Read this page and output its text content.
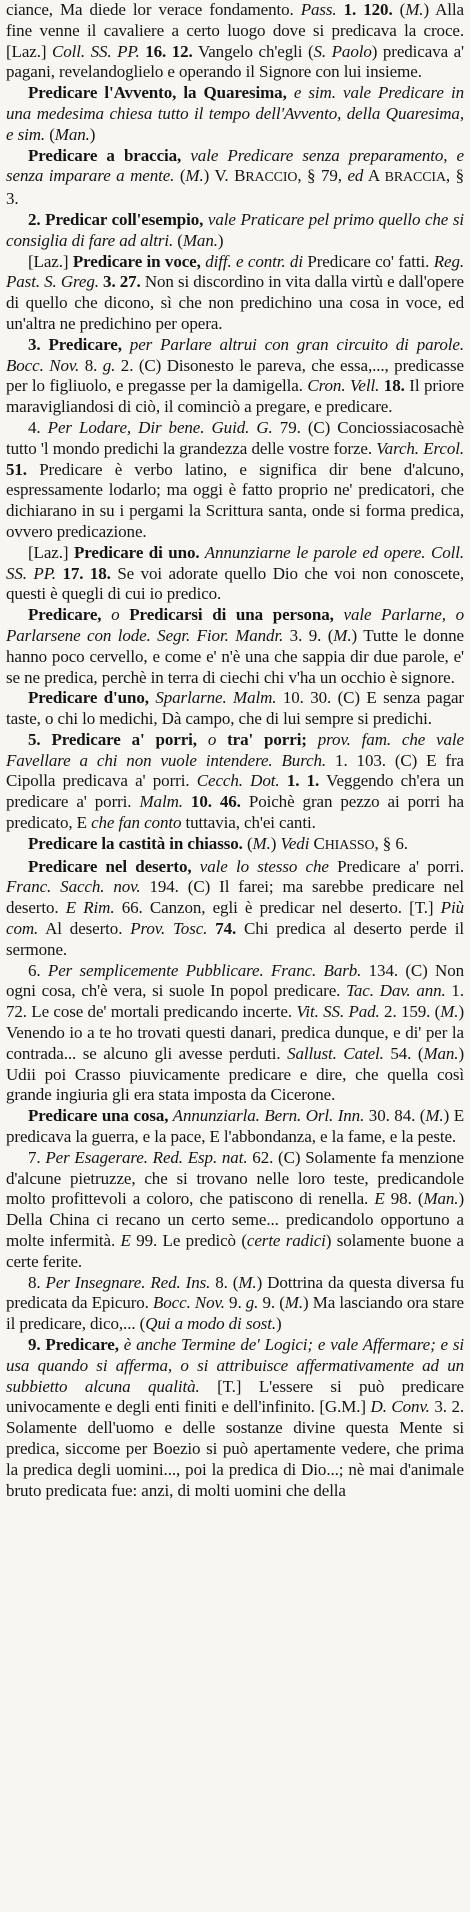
ciance, Ma diede lor verace fondamento. Pass. 1. 120. (M.) Alla fine venne il cavaliere a certo luogo dove si predicava la croce. [Laz.] Coll. SS. PP. 16. 12. Vangelo ch'egli (S. Paolo) predicava a' pagani, revelandoglielo e operando il Signore con lui insieme.

Predicare l'Avvento, la Quaresima, e sim. vale Predicare in una medesima chiesa tutto il tempo dell'Avvento, della Quaresima, e sim. (Man.)

Predicare a braccia, vale Predicare senza preparamento, e senza imparare a mente. (M.) V. BRACCIO, § 79, ed A BRACCIA, § 3.

2. Predicar coll'esempio, vale Praticare pel primo quello che si consiglia di fare ad altri. (Man.)

[Laz.] Predicare in voce, diff. e contr. di Predicare co' fatti. Reg. Past. S. Greg. 3. 27. Non si discordino in vita dalla virtù e dall'opere di quello che dicono, sì che non predichino una cosa in voce, ed un'altra ne predichino per opera.

3. Predicare, per Parlare altrui con gran circuito di parole. Bocc. Nov. 8. g. 2. (C) Disonesto le pareva, che essa,..., predicasse per lo figliuolo, e pregasse per la damigella. Cron. Vell. 18. Il priore maravigliandosi di ciò, il cominciò a pregare, e predicare.

4. Per Lodare, Dir bene. Guid. G. 79. (C) Conciossiacosachè tutto 'l mondo predichi la grandezza delle vostre forze. Varch. Ercol. 51. Predicare è verbo latino, e significa dir bene d'alcuno, espressamente lodarlo; ma oggi è fatto proprio ne' predicatori, che dichiarano in su i pergami la Scrittura santa, onde si forma predica, ovvero predicazione.

[Laz.] Predicare di uno. Annunziarne le parole ed opere. Coll. SS. PP. 17. 18. Se voi adorate quello Dio che voi non conoscete, questi è quegli di cui io predico.

Predicare, o Predicarsi di una persona, vale Parlarne, o Parlarsene con lode. Segr. Fior. Mandr. 3. 9. (M.) Tutte le donne hanno poco cervello, e come e' n'è una che sappia dir due parole, e' se ne predica, perchè in terra di ciechi chi v'ha un occhio è signore.

Predicare d'uno, Sparlarne. Malm. 10. 30. (C) E senza pagar taste, o chi lo medichi, Dà campo, che di lui sempre si predichi.

5. Predicare a' porri, o tra' porri; prov. fam. che vale Favellare a chi non vuole intendere. Burch. 1. 103. (C) E fra Cipolla predicava a' porri. Cecch. Dot. 1. 1. Veggendo ch'era un predicare a' porri. Malm. 10. 46. Poichè gran pezzo ai porri ha predicato, E che fan conto tuttavia, ch'ei canti.

Predicare la castità in chiasso. (M.) Vedi CHIASSO, § 6.

Predicare nel deserto, vale lo stesso che Predicare a' porri. Franc. Sacch. nov. 194. (C) Il farei; ma sarebbe predicare nel deserto. E Rim. 66. Canzon, egli è predicar nel deserto. [T.] Più com. Al deserto. Prov. Tosc. 74. Chi predica al deserto perde il sermone.

6. Per semplicemente Pubblicare. Franc. Barb. 134. (C) Non ogni cosa, ch'è vera, si suole In popol predicare. Tac. Dav. ann. 1. 72. Le cose de' mortali predicando incerte. Vit. SS. Pad. 2. 159. (M.) Venendo io a te ho trovati questi danari, predica dunque, e di' per la contrada... se alcuno gli avesse perduti. Sallust. Catel. 54. (Man.) Udii poi Crasso piuvicamente predicare e dire, che quella così grande ingiuria gli era stata imposta da Cicerone.

Predicare una cosa, Annunziarla. Bern. Orl. Inn. 30. 84. (M.) E predicava la guerra, e la pace, E l'abbondanza, e la fame, e la peste.

7. Per Esagerare. Red. Esp. nat. 62. (C) Solamente fa menzione d'alcune pietruzze, che si trovano nelle loro teste, predicandole molto profittevoli a coloro, che patiscono di renella. E 98. (Man.) Della China ci recano un certo seme... predicandolo opportuno a molte infermità. E 99. Le predicò (certe radici) solamente buone a certe ferite.

8. Per Insegnare. Red. Ins. 8. (M.) Dottrina da questa diversa fu predicata da Epicuro. Bocc. Nov. 9. g. 9. (M.) Ma lasciando ora stare il predicare, dico,... (Qui a modo di sost.)

9. Predicare, è anche Termine de' Logici; e vale Affermare; e si usa quando si afferma, o si attribuisce affermativamente ad un subbietto alcuna qualità. [T.] L'essere si può predicare univocamente e degli enti finiti e dell'infinito. [G.M.] D. Conv. 3. 2. Solamente dell'uomo e delle sostanze divine questa Mente si predica, siccome per Boezio si può apertamente vedere, che prima la predica degli uomini..., poi la predica di Dio...; nè mai d'animale bruto predicata fue: anzi, di molti uomini che della
